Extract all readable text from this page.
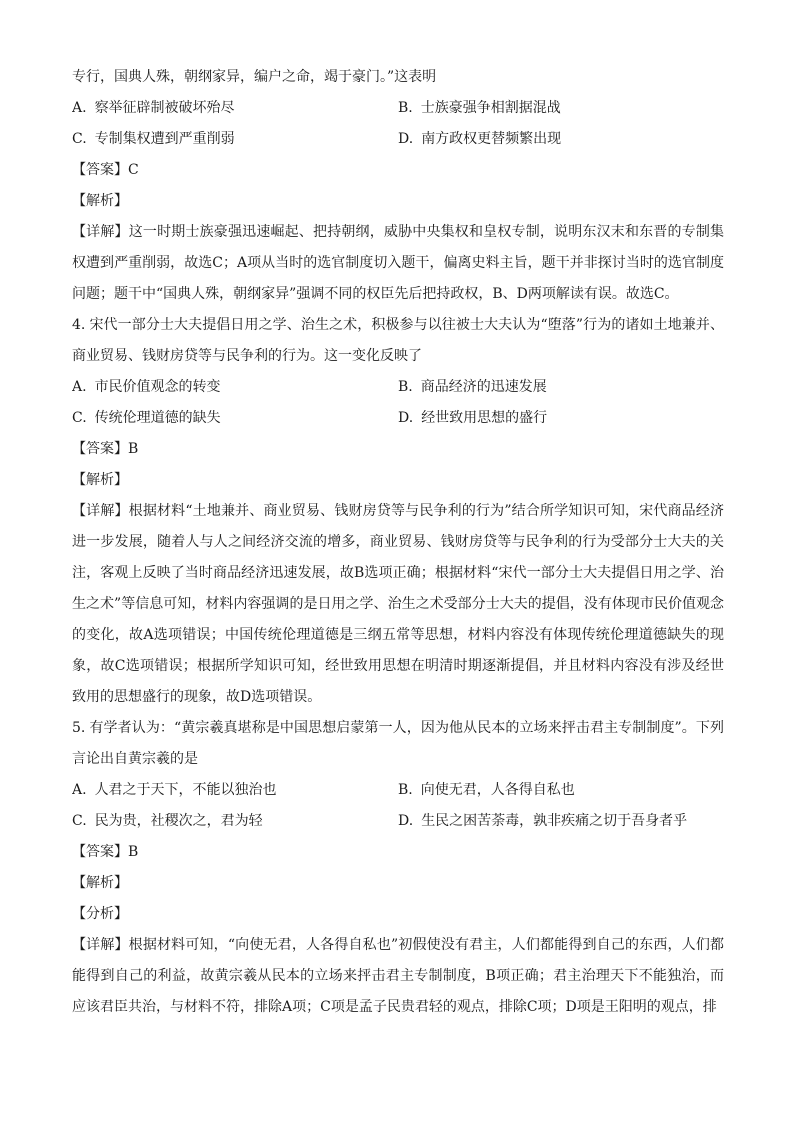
专行，国典人殊，朝纲家异，编户之命，竭于豪门。”这表明
A. 察举征辟制被破坏殆尽	B. 士族豪强争相割据混战
C. 专制集权遭到严重削弱	D. 南方政权更替频繁出现
【答案】C
【解析】

【详解】这一时期士族豪强迅速崛起、把持朝纲，威胁中央集权和皇权专制，说明东汉末和东晋的专制集权遭到严重削弱，故选C；A项从当时的选官制度切入题干，偏离史料主旨，题干并非探讨当时的选官制度问题；题干中“国典人殊，朝纲家异”强调不同的权臣先后把持政权，B、D两项解读有误。故选C。

4. 宋代一部分士大夫提倡日用之学、治生之术，积极参与以往被士大夫认为“堕落”行为的诸如土地兼并、商业贸易、钱财房贷等与民争利的行为。这一变化反映了

A. 市民价值观念的转变	B. 商品经济的迅速发展
C. 传统伦理道德的缺失	D. 经世致用思想的盛行
【答案】B
【解析】

【详解】根据材料“土地兼并、商业贸易、钱财房贷等与民争利的行为”结合所学知识可知，宋代商品经济进一步发展，随着人与人之间经济交流的增多，商业贸易、钱财房贷等与民争利的行为受部分士大夫的关注，客观上反映了当时商品经济迅速发展，故B选项正确；根据材料“宋代一部分士大夫提倡日用之学、治生之术”等信息可知，材料内容强调的是日用之学、治生之术受部分士大夫的提倡，没有体现市民价值观念的变化，故A选项错误；中国传统伦理道德是三纲五常等思想，材料内容没有体现传统伦理道德缺失的现象，故C选项错误；根据所学知识可知，经世致用思想在明清时期逐渐提倡，并且材料内容没有涉及经世致用的思想盛行的现象，故D选项错误。

5. 有学者认为：“黄宗羲真堪称是中国思想启蒙第一人，因为他从民本的立场来抨击君主专制制度”。下列言论出自黄宗羲的是

A. 人君之于天下，不能以独治也	B. 向使无君，人各得自私也
C. 民为贵，社稷次之，君为轻	D. 生民之困苦荼毒，孰非疾痛之切于吾身者乎
【答案】B
【解析】
【分析】

【详解】根据材料可知，“向使无君，人各得自私也”初假使没有君主，人们都能得到自己的东西，人们都能得到自己的利益，故黄宗羲从民本的立场来抨击君主专制制度，B项正确；君主治理天下不能独治，而应该君臣共治，与材料不符，排除A项；C项是孟子民贵君轻的观点，排除C项；D项是王阳明的观点，排
